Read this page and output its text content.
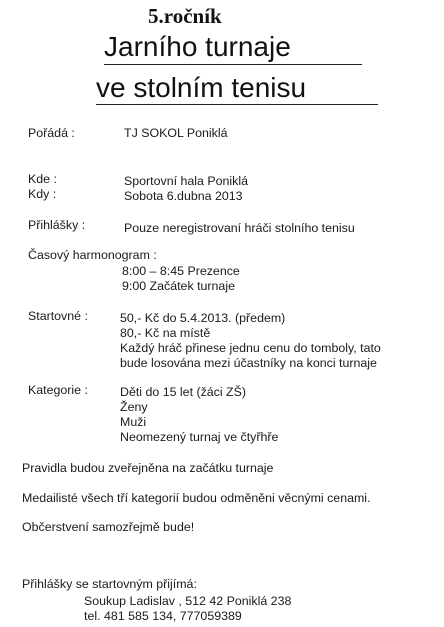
5.ročník
Jarního turnaje
ve stolním tenisu
Pořádá :	TJ SOKOL Poniklá
Kde :	Sportovní hala Poniklá
Kdy :	Sobota 6.dubna 2013
Přihlášky :	Pouze neregistrovaní hráči stolního tenisu
Časový harmonogram :
8:00 – 8:45 Prezence
9:00 Začátek turnaje
Startovné :	50,- Kč do 5.4.2013. (předem)
80,- Kč na místě
Každý hráč přinese jednu cenu do tomboly, tato
bude losována mezi účastníky na konci turnaje
Kategorie :	Děti do 15 let (žáci ZŠ)
Ženy
Muži
Neomezený turnaj ve čtyřhře
Pravidla budou zveřejněna na začátku turnaje
Medailisté všech tří kategorií budou odměněni věcnými cenami.
Občerstvení samozřejmě bude!
Přihlášky se startovným přijímá:
Soukup Ladislav , 512 42 Poniklá 238
tel. 481 585 134, 777059389
